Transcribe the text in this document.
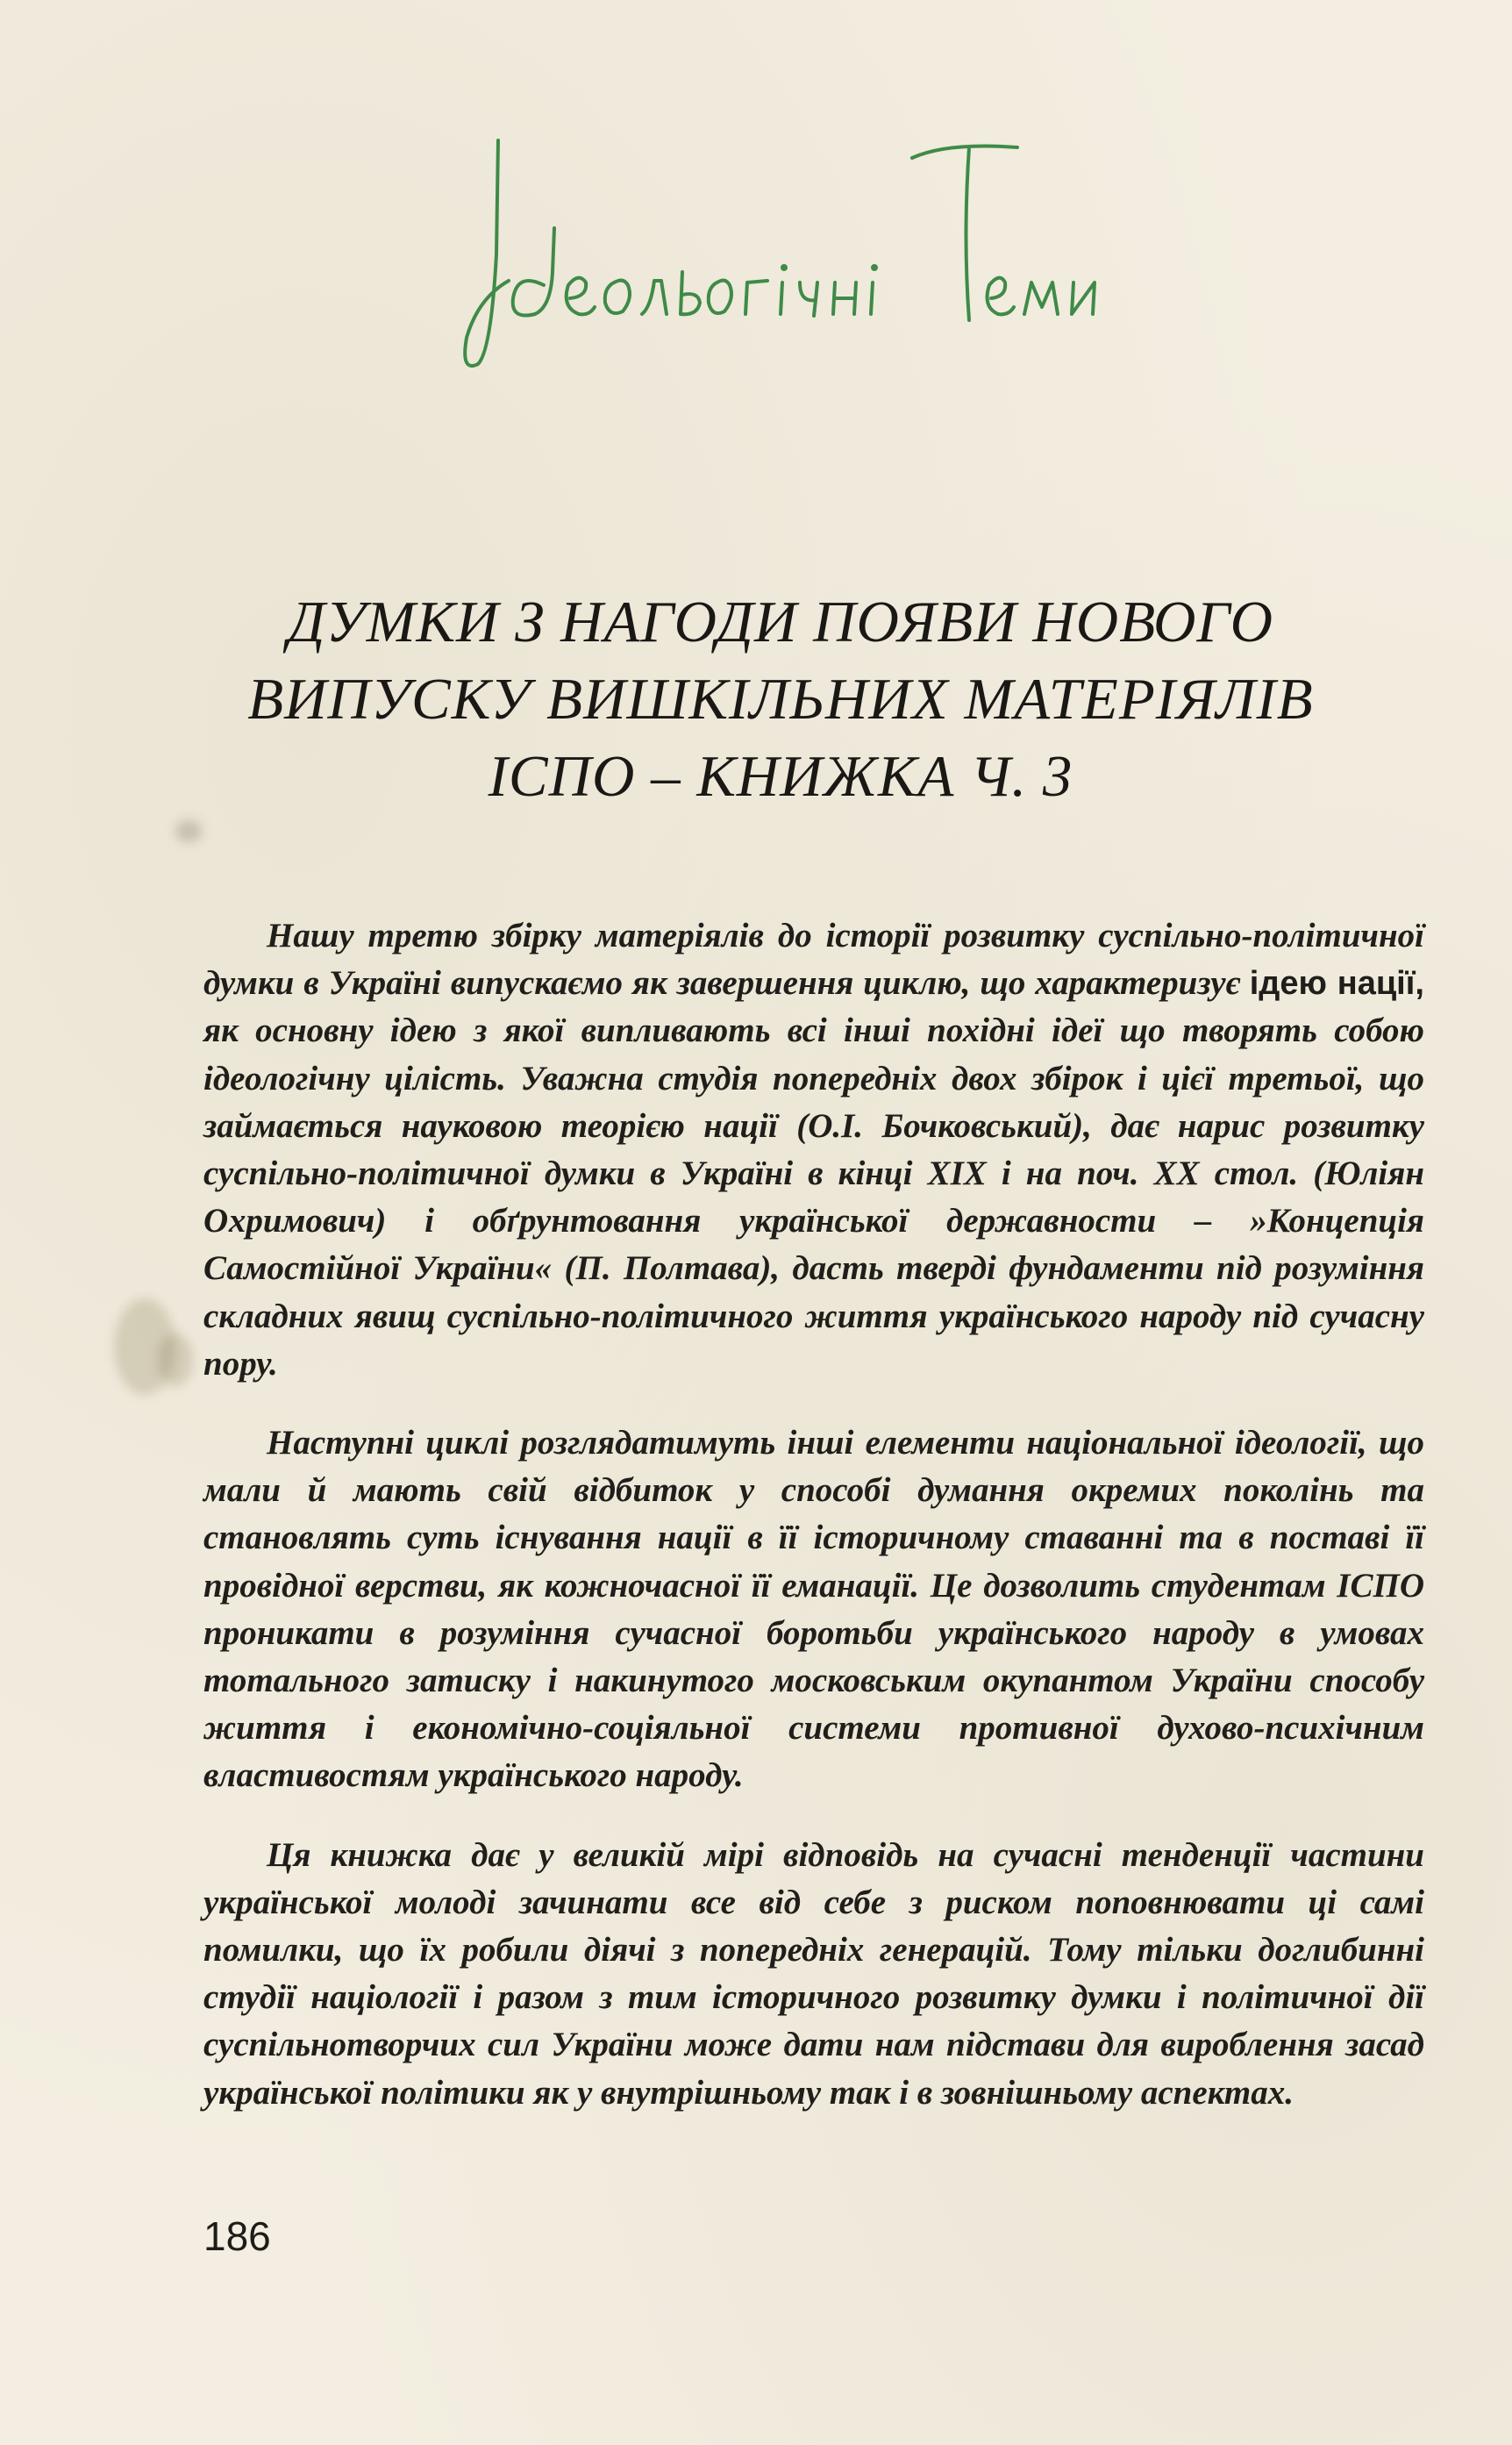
ДУМКИ З НАГОДИ ПОЯВИ НОВОГО
ВИПУСКУ ВИШКІЛЬНИХ МАТЕРІЯЛІВ
ІСПО – КНИЖКА Ч. 3

Нашу третю збірку матеріялів до історії розвитку суспільно-політичної думки в Україні випускаємо як завершення циклю, що характеризує ідею нації, як основну ідею з якої випливають всі інші похідні ідеї що творять собою ідеологічну цілість. Уважна студія попередніх двох збірок і цієї третьої, що займається науковою теорією нації (О.І. Бочковський), дає нарис розвитку суспільно-політичної думки в Україні в кінці XIX і на поч. XX стол. (Юліян Охримович) і обґрунтовання української державности – »Концепція Самостійної України« (П. Полтава), дасть тверді фундаменти під розуміння складних явищ суспільно-політичного життя українського народу під сучасну пору.

Наступні циклі розглядатимуть інші елементи національної ідеології, що мали й мають свій відбиток у способі думання окремих поколінь та становлять суть існування нації в її історичному ставанні та в поставі її провідної верстви, як кожночасної її еманації. Це дозволить студентам ІСПО проникати в розуміння сучасної боротьби українського народу в умовах тотального затиску і накинутого московським окупантом України способу життя і економічно-соціяльної системи противної духово-психічним властивостям українського народу.

Ця книжка дає у великій мірі відповідь на сучасні тенденції частини української молоді зачинати все від себе з риском поповнювати ці самі помилки, що їх робили діячі з попередніх генерацій. Тому тільки доглибинні студії націології і разом з тим історичного розвитку думки і політичної дії суспільнотворчих сил України може дати нам підстави для вироблення засад української політики як у внутрішньому так і в зовнішньому аспектах.

186
